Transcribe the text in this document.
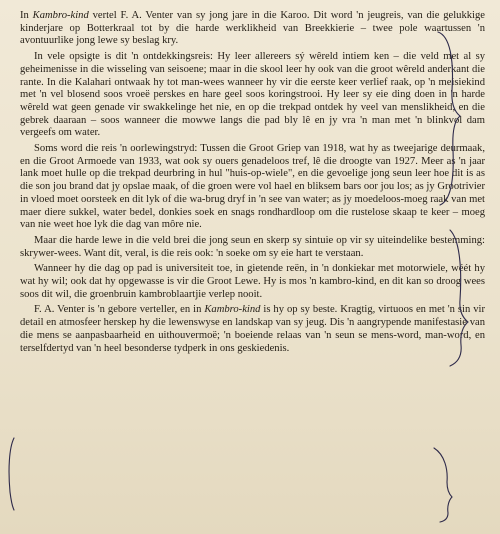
In Kambro-kind vertel F. A. Venter van sy jong jare in die Karoo. Dit word 'n jeugreis, van die gelukkige kinderjare op Botterkraal tot by die harde werklikheid van Breekkierie – twee pole waartussen 'n avontuurlike jong lewe sy beslag kry.

In vele opsigte is dit 'n ontdekkingsreis: Hy leer allereers sý wêreld intiem ken – die veld met al sy geheimenisse in die wisseling van seisoene; maar in die skool leer hy ook van die groot wêreld anderkant die rante. In die Kalahari ontwaak hy tot man-wees wanneer hy vir die eerste keer verlief raak, op 'n meisiekind met 'n vel blosend soos vroeë perskes en hare geel soos koringstrooi. Hy leer sy eie ding doen in 'n harde wêreld wat geen genade vir swakkelinge het nie, en op die trekpad ontdek hy veel van menslikheid, en die gebrek daaraan – soos wanneer die mowwe langs die pad bly lê en jy vra 'n man met 'n blinkvol dam vergeefs om water.

Soms word die reis 'n oorlewingstryd: Tussen die Groot Griep van 1918, wat hy as tweejarige deurmaak, en die Groot Armoede van 1933, wat ook sy ouers genadeloos tref, lê die droogte van 1927. Meer as 'n jaar lank moet hulle op die trekpad deurbring in hul "huis-op-wiele", en die gevoelige jong seun leer hoe dit is as die son jou brand dat jy opslae maak, of die groen were vol hael en bliksem bars oor jou los; as jy Grootrivier in vloed moet oorsteek en dit lyk of die wa-brug dryf in 'n see van water; as jy moedeloos-moeg raak van met maer diere sukkel, water bedel, donkies soek en snags rondhardloop om die rustelose skaap te keer – moeg van nie weet hoe lyk die dag van môre nie.

Maar die harde lewe in die veld brei die jong seun en skerp sy sintuie op vir sy uiteindelike bestemming: skrywer-wees. Want dít, veral, is die reis ook: 'n soeke om sy eie hart te verstaan.

Wanneer hy die dag op pad is universiteit toe, in gietende reën, in 'n donkiekar met motorwiele, wéét hy wat hy wil; ook dat hy opgewasse is vir die Groot Lewe. Hy is mos 'n kambro-kind, en dit kan so droog wees soos dit wil, die groenbruin kambroblaartjie verlep nooit.

F. A. Venter is 'n gebore verteller, en in Kambro-kind is hy op sy beste. Kragtig, virtuoos en met 'n sin vir detail en atmosfeer herskep hy die lewenswyse en landskap van sy jeug. Dis 'n aangrypende manifestasie van die mens se aanpasbaarheid en uithouvermoë; 'n boeiende relaas van 'n seun se mens-word, man-word, en terselfdertyd van 'n heel besonderse tydperk in ons geskiedenis.
